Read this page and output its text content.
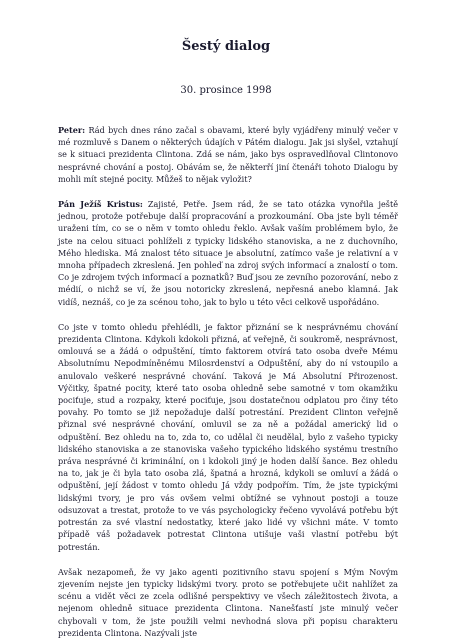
Šestý dialog

30. prosince 1998

Peter: Rád bych dnes ráno začal s obavami, které byly vyjádřeny minulý večer v mé rozmluvě s Danem o některých údajích v Pátém dialogu. Jak jsi slyšel, vztahují se k situaci prezidenta Clintona. Zdá se nám, jako bys ospravedlňoval Clintonovo nesprávné chování a postoj. Obávám se, že některří jiní čtenáři tohoto Dialogu by mohli mít stejné pocity. Můžeš to nějak vyložit?

Pán Ježíš Kristus: Zajisté, Petře. Jsem rád, že se tato otázka vynořila ještě jednou, protože potřebuje další propracování a prozkoumání. Oba jste byli téměř uraženi tím, co se o něm v tomto ohledu řeklo. Avšak vaším problémem bylo, že jste na celou situaci pohlíželi z typicky lidského stanoviska, a ne z duchovního, Mého hlediska. Má znalost této situace je absolutní, zatímco vaše je relativní a v mnoha případech zkreslená. Jen pohleď na zdroj svých informací a znalostí o tom. Co je zdrojem tvých informací a poznatků? Buď jsou ze zevního pozorování, nebo z médií, o nichž se ví, že jsou notoricky zkreslená, nepřesná anebo klamná. Jak vidíš, neznáš, co je za scénou toho, jak to bylo u této věci celkově uspořádáno.

Co jste v tomto ohledu přehlédli, je faktor přiznání se k nesprávnému chování prezidenta Clintona. Kdykoli kdokoli přizná, ať veřejně, či soukromě, nesprávnost, omlouvá se a žádá o odpuštění, tímto faktorem otvírá tato osoba dveře Mému Absolutnímu Nepodmíněnému Milosrdenství a Odpuštění, aby do ní vstoupilo a anulovalo veškeré nesprávné chování. Taková je Má Absolutní Přirozenost. Výčitky, špatné pocity, které tato osoba ohledně sebe samotné v tom okamžiku pociťuje, stud a rozpaky, které pociťuje, jsou dostatečnou odplatou pro činy této povahy. Po tomto se již nepožaduje další potrestání. Prezident Clinton veřejně přiznal své nesprávné chování, omluvil se za ně a požádal americký lid o odpuštění. Bez ohledu na to, zda to, co udělal či neudělal, bylo z vašeho typicky lidského stanoviska a ze stanoviska vašeho typického lidského systému trestního práva nesprávné či kriminální, on i kdokoli jiný je hoden další šance. Bez ohledu na to, jak je či byla tato osoba zlá, špatná a hrozná, kdykoli se omluví a žádá o odpuštění, její žádost v tomto ohledu Já vždy podpořím. Tím, že jste typickými lidskými tvory, je pro vás ovšem velmi obtížné se vyhnout postoji a touze odsuzovat a trestat, protože to ve vás psychologicky řečeno vyvolává potřebu být potrestán za své vlastní nedostatky, které jako lidé vy všichni máte. V tomto případě váš požadavek potrestat Clintona utišuje vaši vlastní potřebu být potrestán.

Avšak nezapomeň, že vy jako agenti pozitivního stavu spojení s Mým Novým zjevením nejste jen typicky lidskými tvory. proto se potřebujete učit nahlížet za scénu a vidět věci ze zcela odlišné perspektivy ve všech záležitostech života, a nejenom ohledně situace prezidenta Clintona. Nanešťastí jste minulý večer chybovali v tom, že jste použili velmi nevhodná slova při popisu charakteru prezidenta Clintona. Nazývali jste
